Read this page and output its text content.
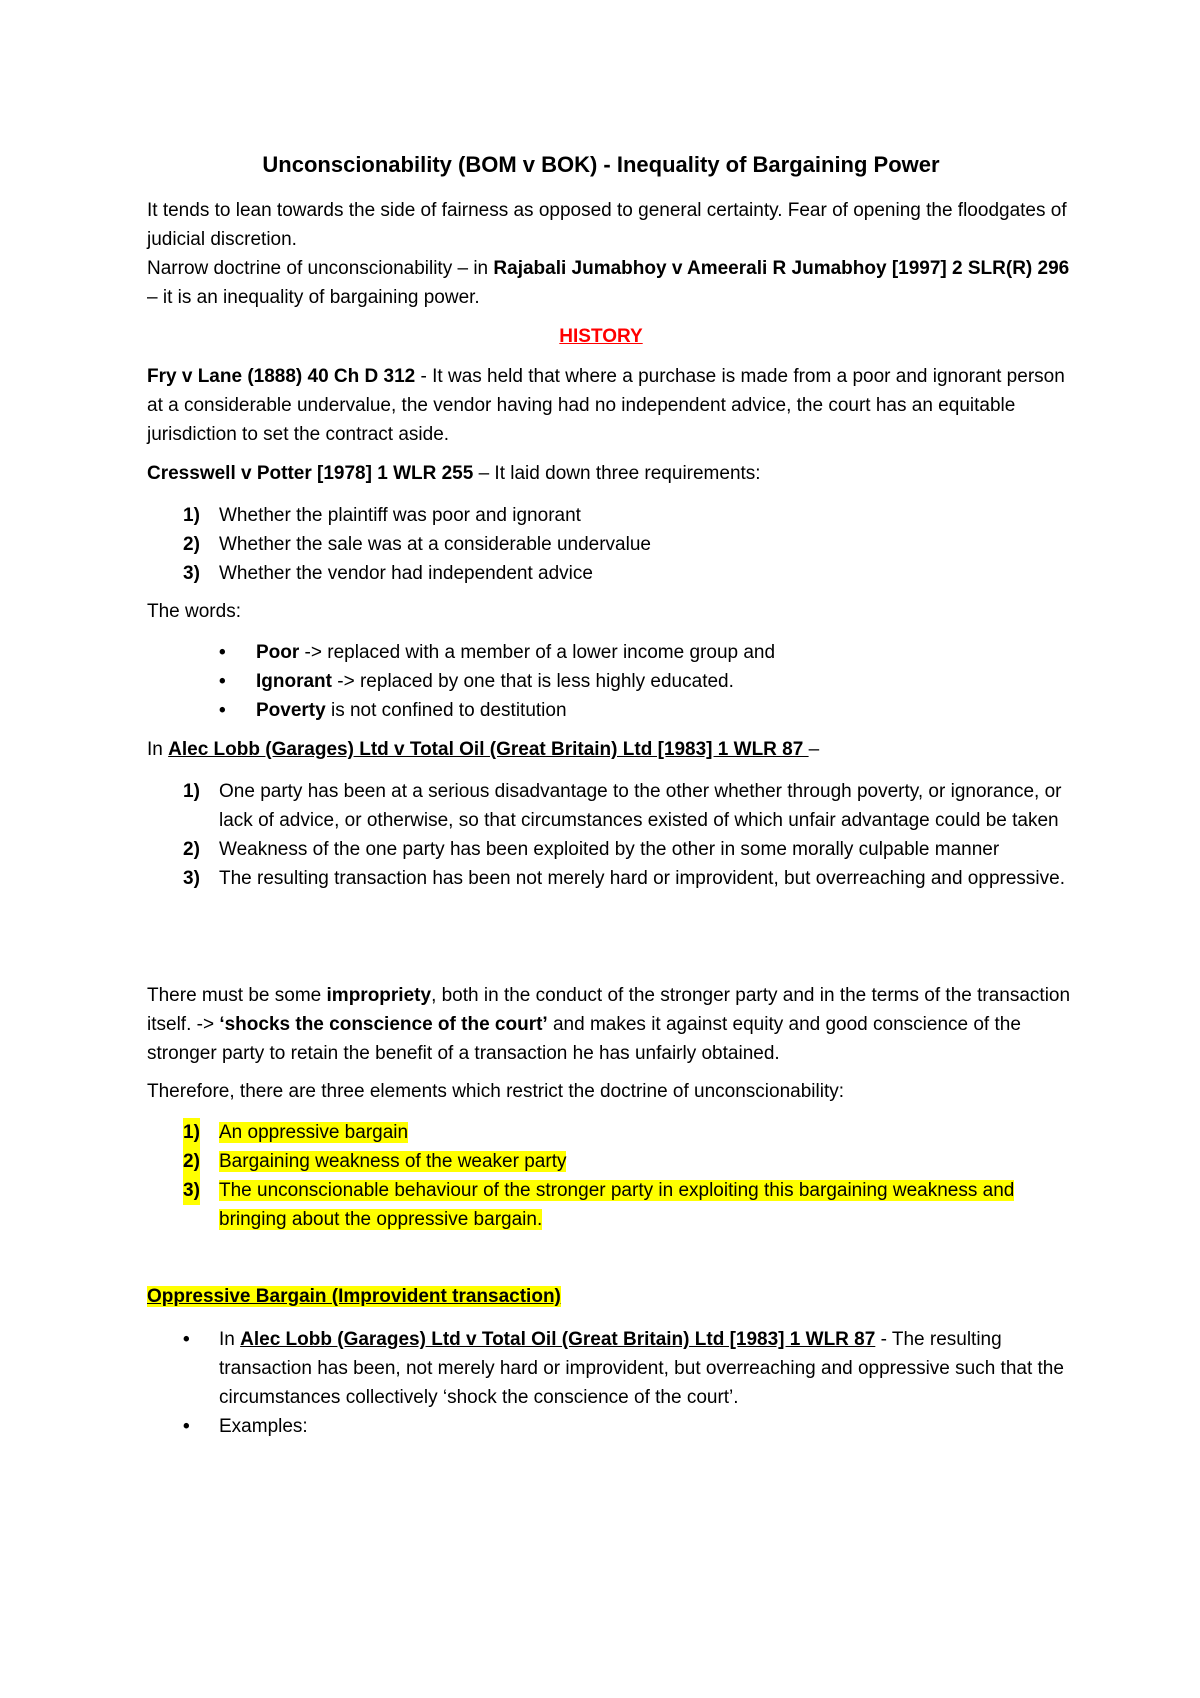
Unconscionability (BOM v BOK) - Inequality of Bargaining Power

It tends to lean towards the side of fairness as opposed to general certainty. Fear of opening the floodgates of judicial discretion.

Narrow doctrine of unconscionability – in Rajabali Jumabhoy v Ameerali R Jumabhoy [1997] 2 SLR(R) 296 – it is an inequality of bargaining power.

HISTORY

Fry v Lane (1888) 40 Ch D 312 - It was held that where a purchase is made from a poor and ignorant person at a considerable undervalue, the vendor having had no independent advice, the court has an equitable jurisdiction to set the contract aside.

Cresswell v Potter [1978] 1 WLR 255 – It laid down three requirements:

1) Whether the plaintiff was poor and ignorant
2) Whether the sale was at a considerable undervalue
3) Whether the vendor had independent advice

The words:

• Poor -> replaced with a member of a lower income group and
• Ignorant -> replaced by one that is less highly educated.
• Poverty is not confined to destitution

In Alec Lobb (Garages) Ltd v Total Oil (Great Britain) Ltd [1983] 1 WLR 87 –

1) One party has been at a serious disadvantage to the other whether through poverty, or ignorance, or lack of advice, or otherwise, so that circumstances existed of which unfair advantage could be taken
2) Weakness of the one party has been exploited by the other in some morally culpable manner
3) The resulting transaction has been not merely hard or improvident, but overreaching and oppressive.

There must be some impropriety, both in the conduct of the stronger party and in the terms of the transaction itself. -> ‘shocks the conscience of the court’ and makes it against equity and good conscience of the stronger party to retain the benefit of a transaction he has unfairly obtained.

Therefore, there are three elements which restrict the doctrine of unconscionability:

1) An oppressive bargain
2) Bargaining weakness of the weaker party
3) The unconscionable behaviour of the stronger party in exploiting this bargaining weakness and bringing about the oppressive bargain.

Oppressive Bargain (Improvident transaction)

• In Alec Lobb (Garages) Ltd v Total Oil (Great Britain) Ltd [1983] 1 WLR 87 - The resulting transaction has been, not merely hard or improvident, but overreaching and oppressive such that the circumstances collectively ‘shock the conscience of the court’.
• Examples:
